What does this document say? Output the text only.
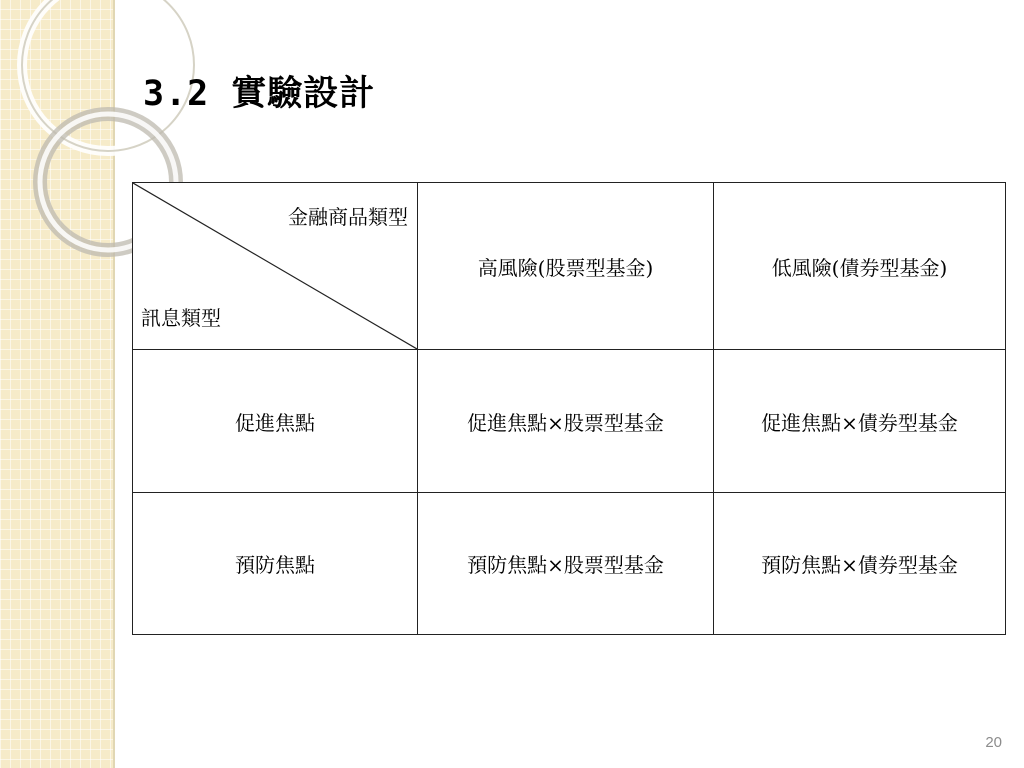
3.2 實驗設計
金融商品類型
訊息類型	高風險(股票型基金)	低風險(債券型基金)
促進焦點	促進焦點×股票型基金	促進焦點×債券型基金
預防焦點	預防焦點×股票型基金	預防焦點×債券型基金
20
